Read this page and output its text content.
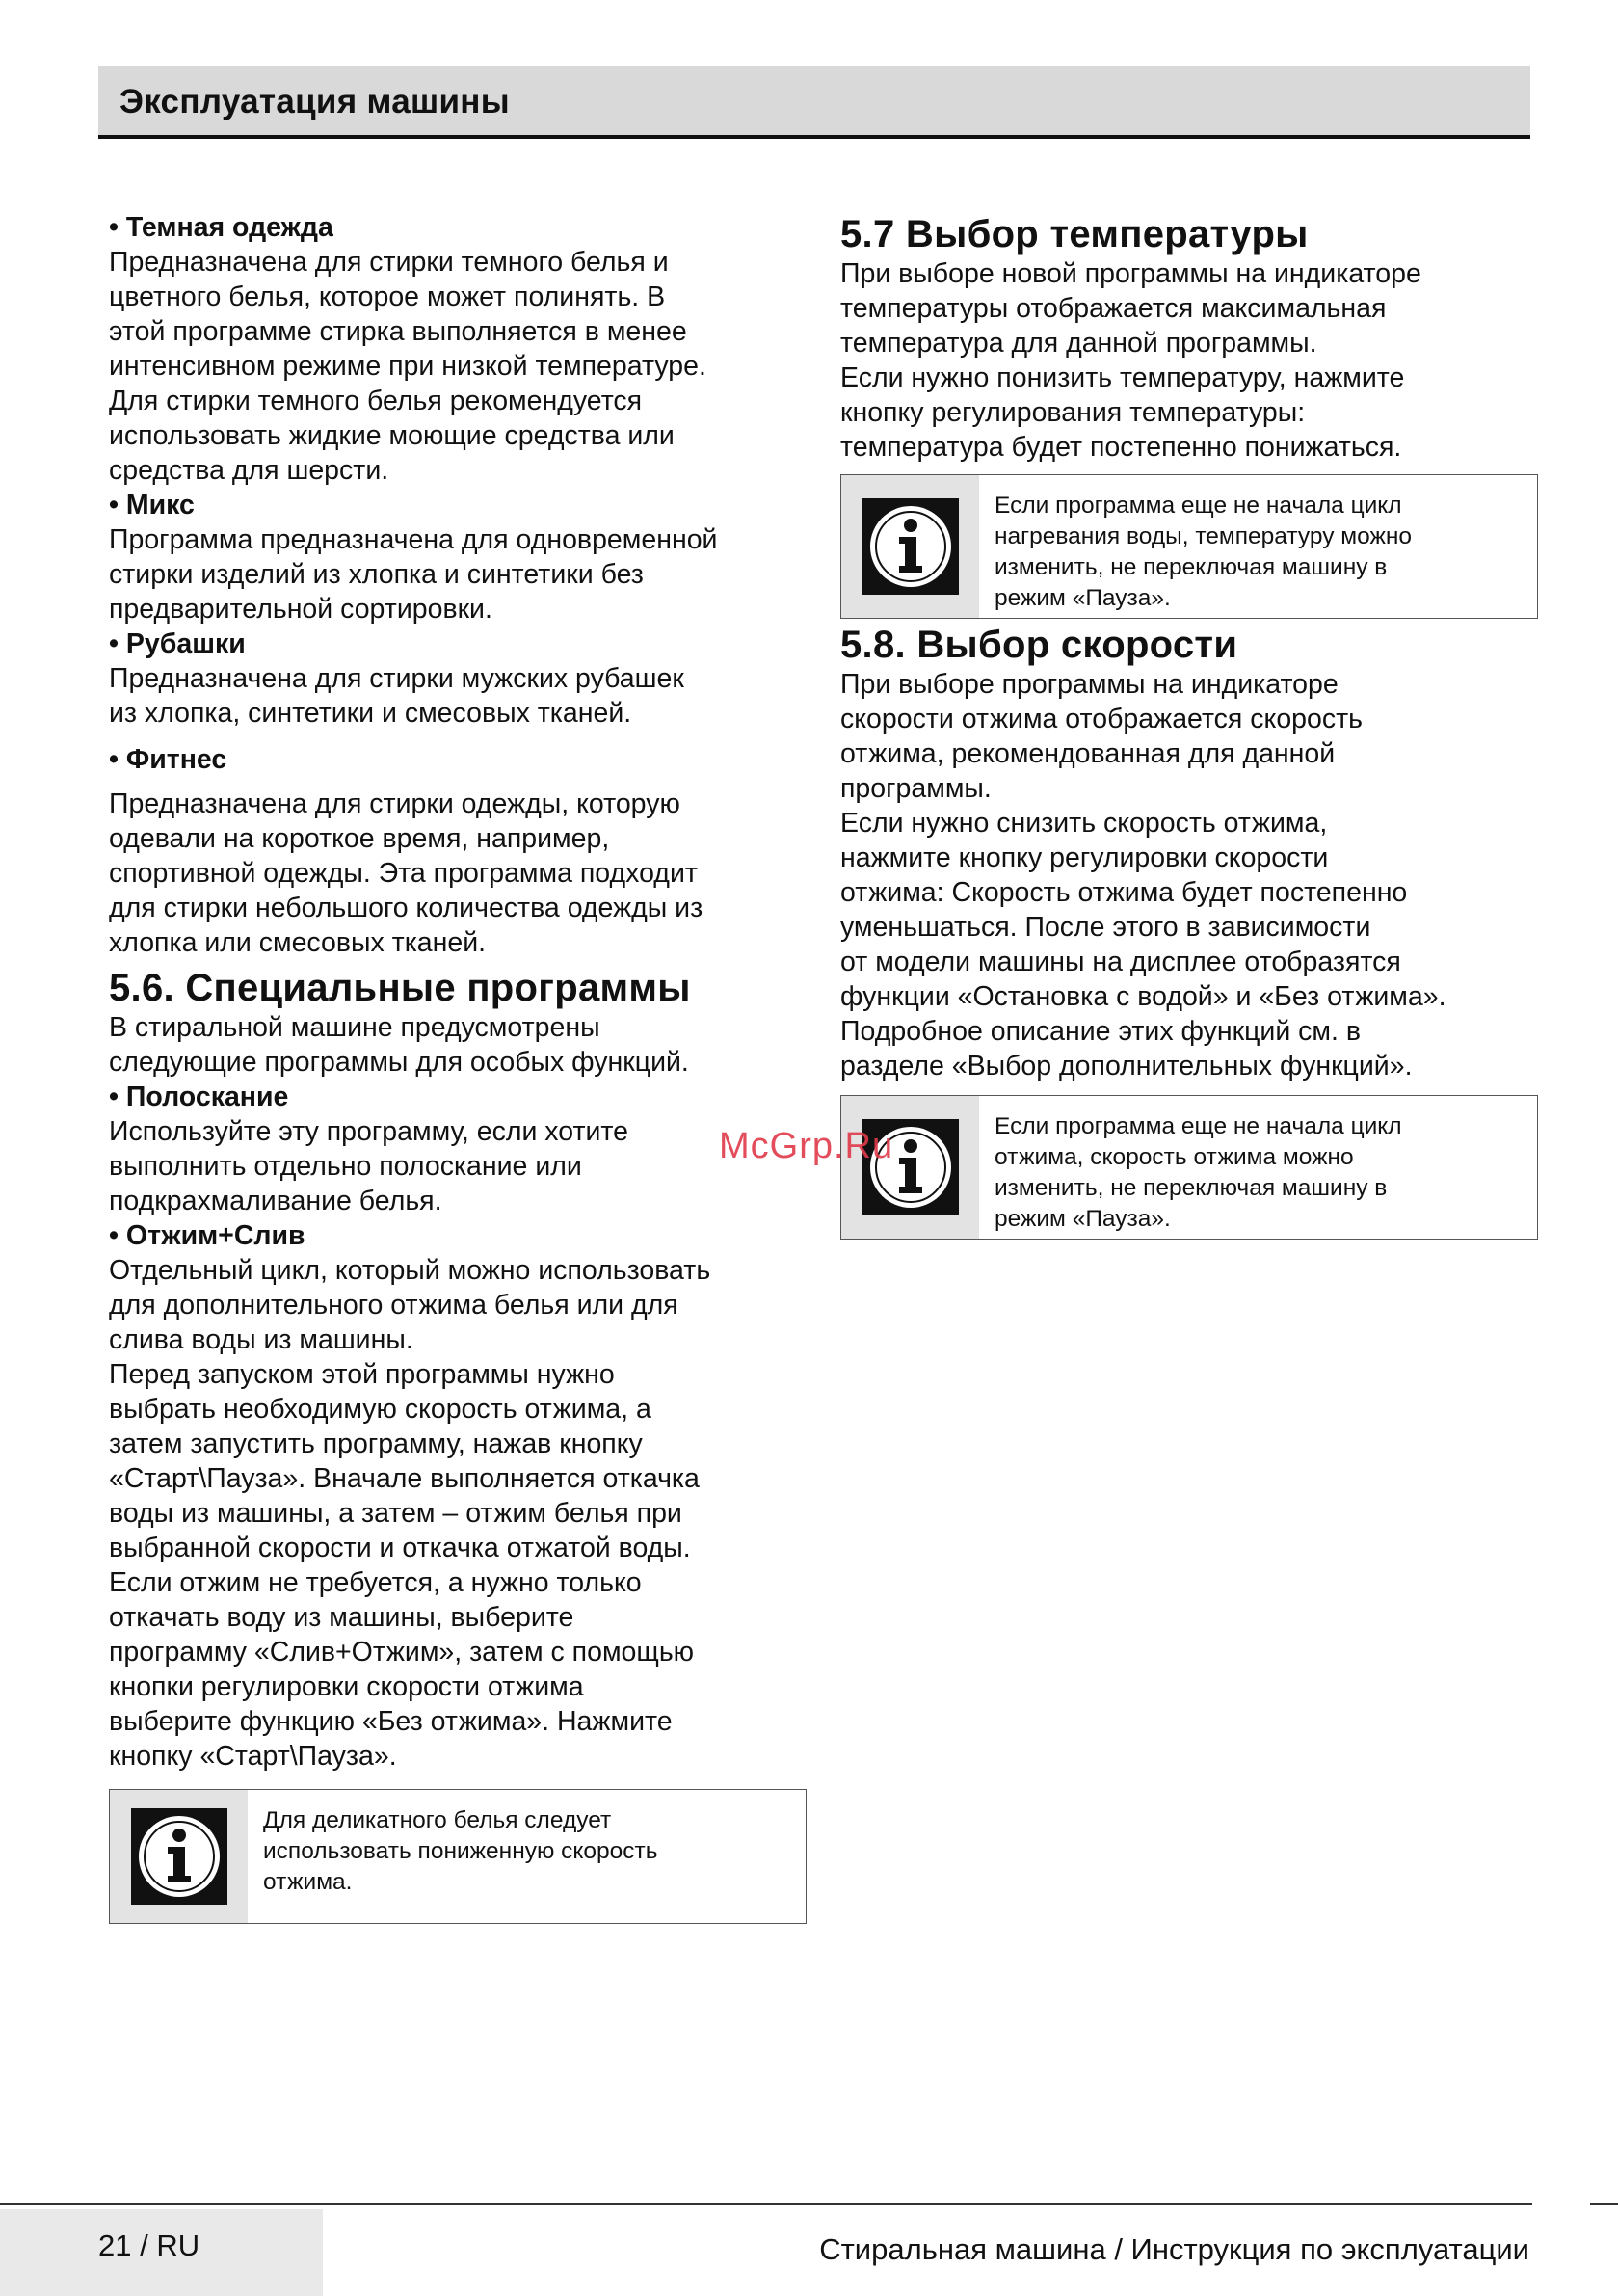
Эксплуатация машины

• Темная одежда

Предназначена для стирки темного белья и
цветного белья, которое может полинять. В
этой программе стирка выполняется в менее
интенсивном режиме при низкой температуре.
Для стирки темного белья рекомендуется
использовать жидкие моющие средства или
средства для шерсти.

• Микс

Программа предназначена для одновременной
стирки изделий из хлопка и синтетики без
предварительной сортировки.

• Рубашки

Предназначена для стирки мужских рубашек
из хлопка, синтетики и смесовых тканей.

• Фитнес

Предназначена для стирки одежды, которую
одевали на короткое время, например,
спортивной одежды. Эта программа подходит
для стирки небольшого количества одежды из
хлопка или смесовых тканей.

5.6. Специальные программы

В стиральной машине предусмотрены
следующие программы для особых функций.

• Полоскание

Используйте эту программу, если хотите
выполнить отдельно полоскание или
подкрахмаливание белья.

• Отжим+Слив

Отдельный цикл, который можно использовать
для дополнительного отжима белья или для
слива воды из машины.
Перед запуском этой программы нужно
выбрать необходимую скорость отжима, а
затем запустить программу, нажав кнопку
«Старт\Пауза». Вначале выполняется откачка
воды из машины, а затем – отжим белья при
выбранной скорости и откачка отжатой воды.
Если отжим не требуется, а нужно только
откачать воду из машины, выберите
программу «Слив+Отжим», затем с помощью
кнопки регулировки скорости отжима
выберите функцию «Без отжима». Нажмите
кнопку «Старт\Пауза».

Для деликатного белья следует
использовать пониженную скорость
отжима.

5.7 Выбор температуры

При выборе новой программы на индикаторе
температуры отображается максимальная
температура для данной программы.
Если нужно понизить температуру, нажмите
кнопку регулирования температуры:
температура будет постепенно понижаться.

Если программа еще не начала цикл
нагревания воды, температуру можно
изменить, не переключая машину в
режим «Пауза».

5.8. Выбор скорости

При выборе программы на индикаторе
скорости отжима отображается скорость
отжима, рекомендованная для данной
программы.
Если нужно снизить скорость отжима,
нажмите кнопку регулировки скорости
отжима: Скорость отжима будет постепенно
уменьшаться. После этого в зависимости
от модели машины на дисплее отобразятся
функции «Остановка с водой» и «Без отжима».
Подробное описание этих функций см. в
разделе «Выбор дополнительных функций».

Если программа еще не начала цикл
отжима, скорость отжима можно
изменить, не переключая машину в
режим «Пауза».
McGrp.Ru
21 / RU	Стиральная машина / Инструкция по эксплуатации
